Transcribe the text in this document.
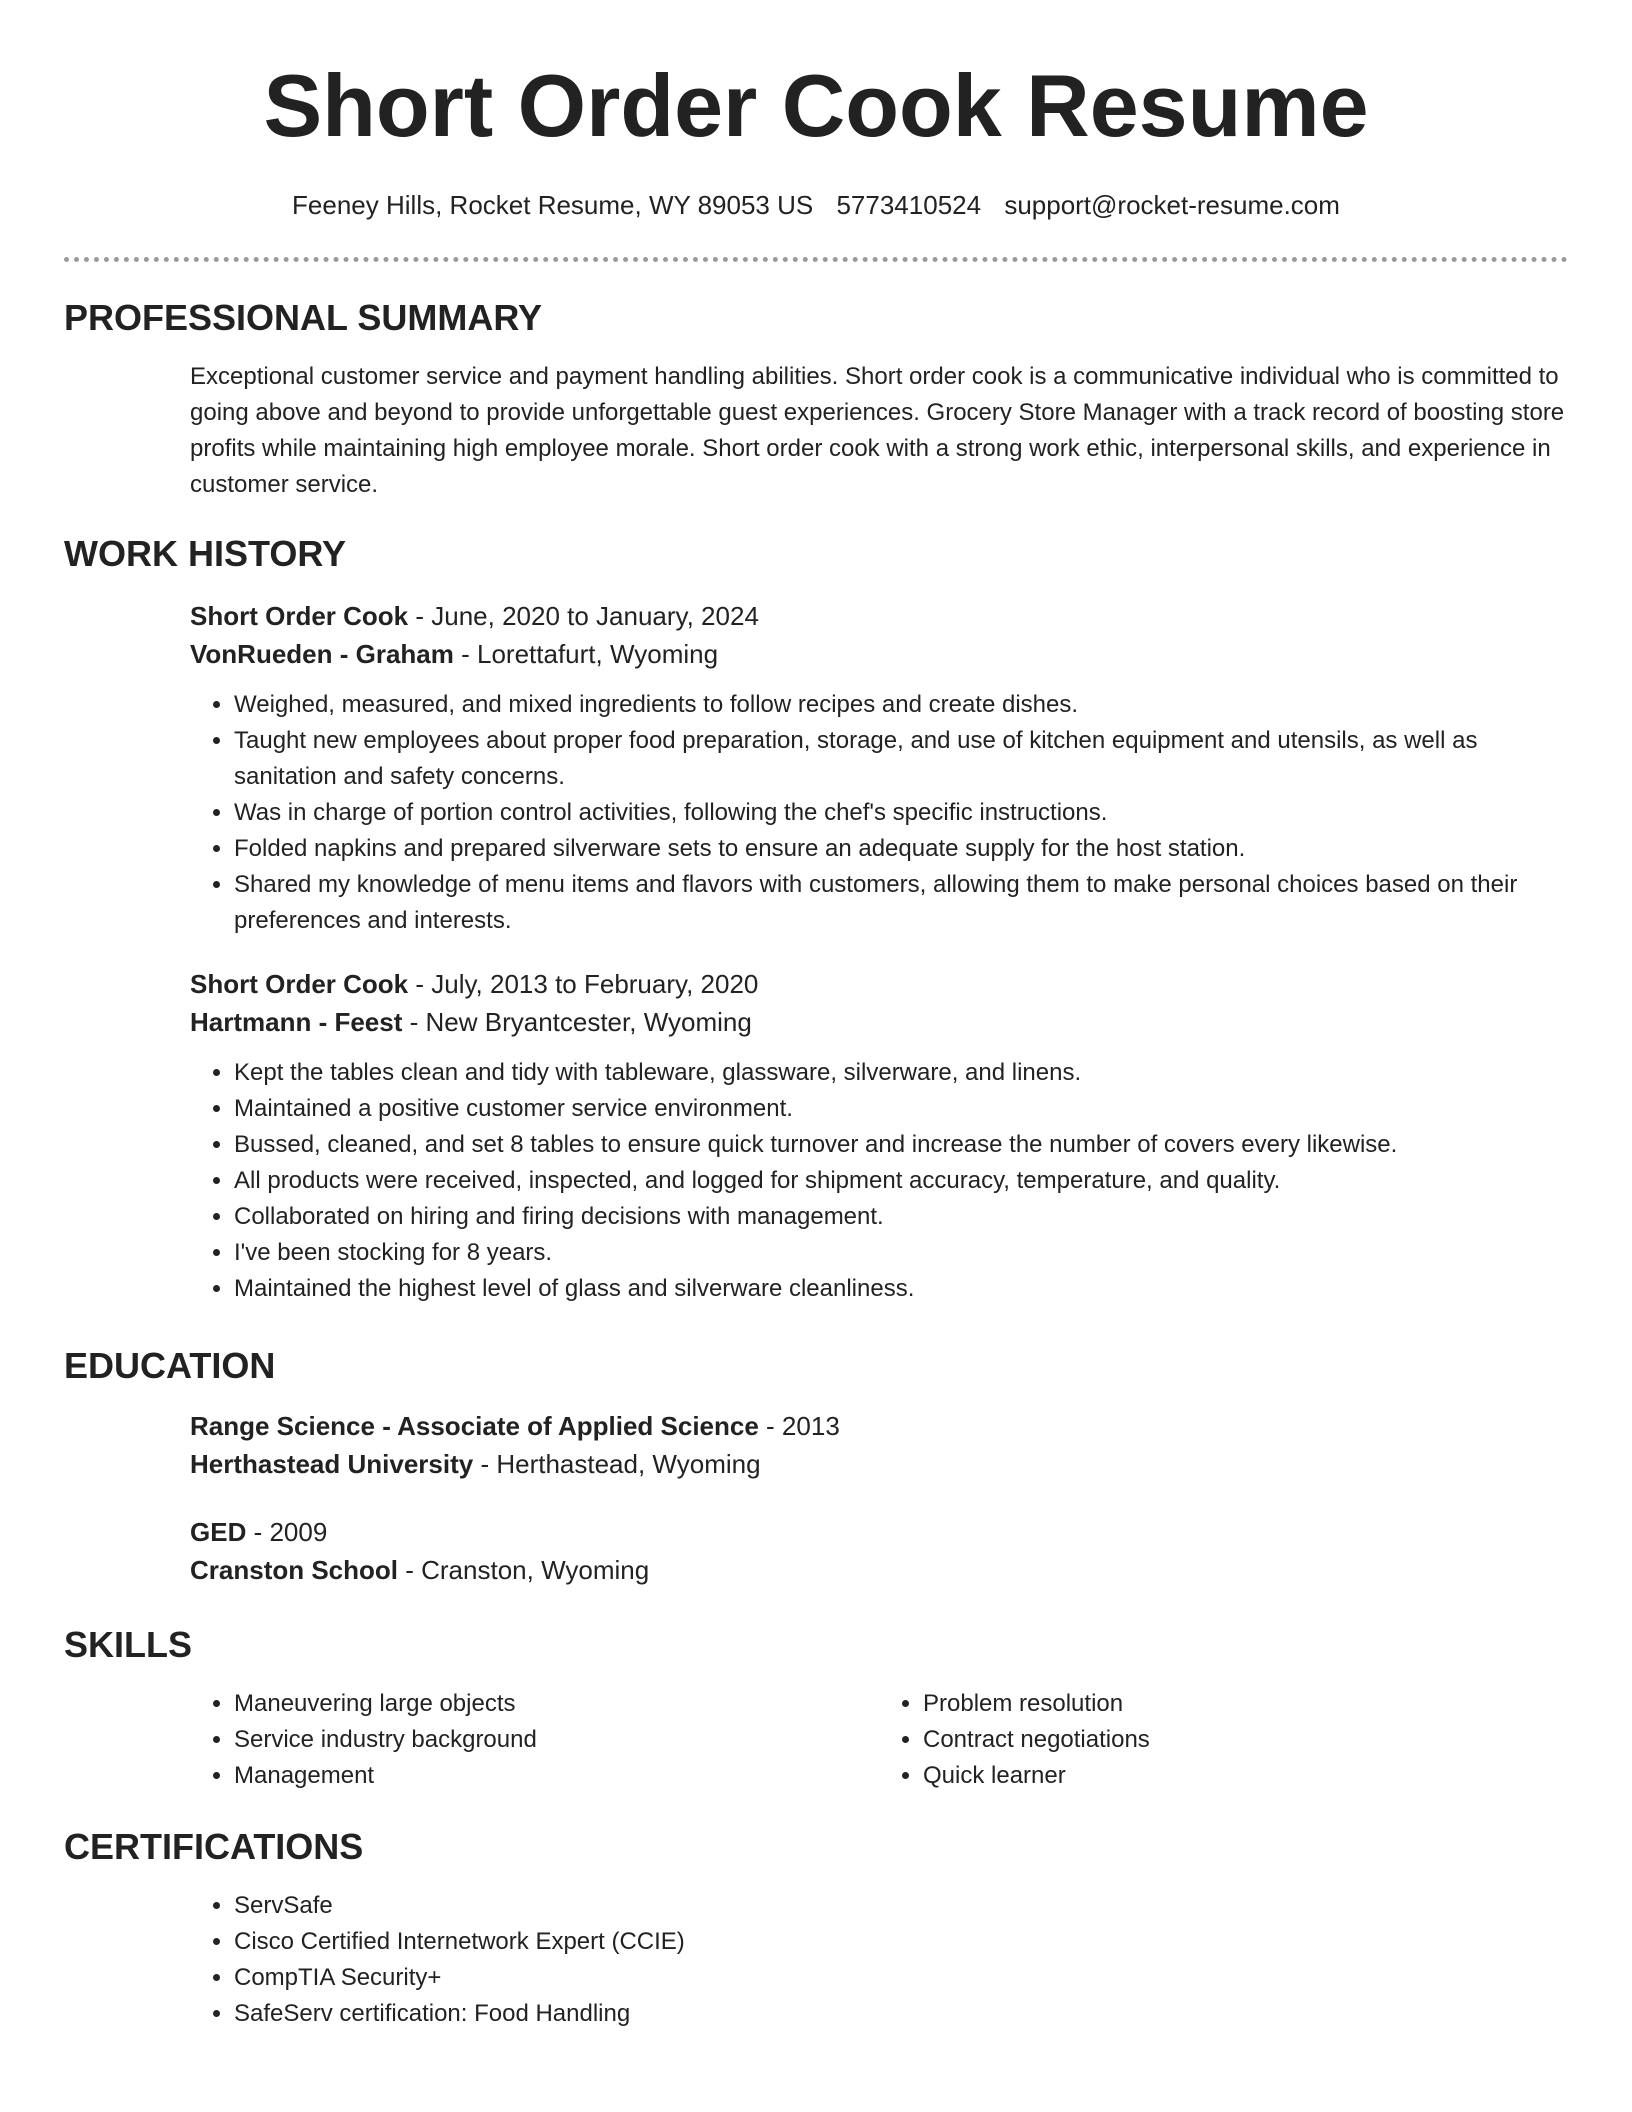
Short Order Cook Resume
Feeney Hills, Rocket Resume, WY 89053 US 5773410524 support@rocket-resume.com
PROFESSIONAL SUMMARY

Exceptional customer service and payment handling abilities. Short order cook is a communicative individual who is committed to going above and beyond to provide unforgettable guest experiences. Grocery Store Manager with a track record of boosting store profits while maintaining high employee morale. Short order cook with a strong work ethic, interpersonal skills, and experience in customer service.

WORK HISTORY
Short Order Cook - June, 2020 to January, 2024
VonRueden - Graham - Lorettafurt, Wyoming
• Weighed, measured, and mixed ingredients to follow recipes and create dishes.
• Taught new employees about proper food preparation, storage, and use of kitchen equipment and utensils, as well as sanitation and safety concerns.
• Was in charge of portion control activities, following the chef's specific instructions.
• Folded napkins and prepared silverware sets to ensure an adequate supply for the host station.
• Shared my knowledge of menu items and flavors with customers, allowing them to make personal choices based on their preferences and interests.
Short Order Cook - July, 2013 to February, 2020
Hartmann - Feest - New Bryantcester, Wyoming
• Kept the tables clean and tidy with tableware, glassware, silverware, and linens.
• Maintained a positive customer service environment.
• Bussed, cleaned, and set 8 tables to ensure quick turnover and increase the number of covers every likewise.
• All products were received, inspected, and logged for shipment accuracy, temperature, and quality.
• Collaborated on hiring and firing decisions with management.
• I've been stocking for 8 years.
• Maintained the highest level of glass and silverware cleanliness.
EDUCATION
Range Science - Associate of Applied Science - 2013
Herthastead University - Herthastead, Wyoming
GED - 2009
Cranston School - Cranston, Wyoming
SKILLS
• Maneuvering large objects
• Service industry background
• Management
• Problem resolution
• Contract negotiations
• Quick learner
CERTIFICATIONS
• ServSafe
• Cisco Certified Internetwork Expert (CCIE)
• CompTIA Security+
• SafeServ certification: Food Handling
